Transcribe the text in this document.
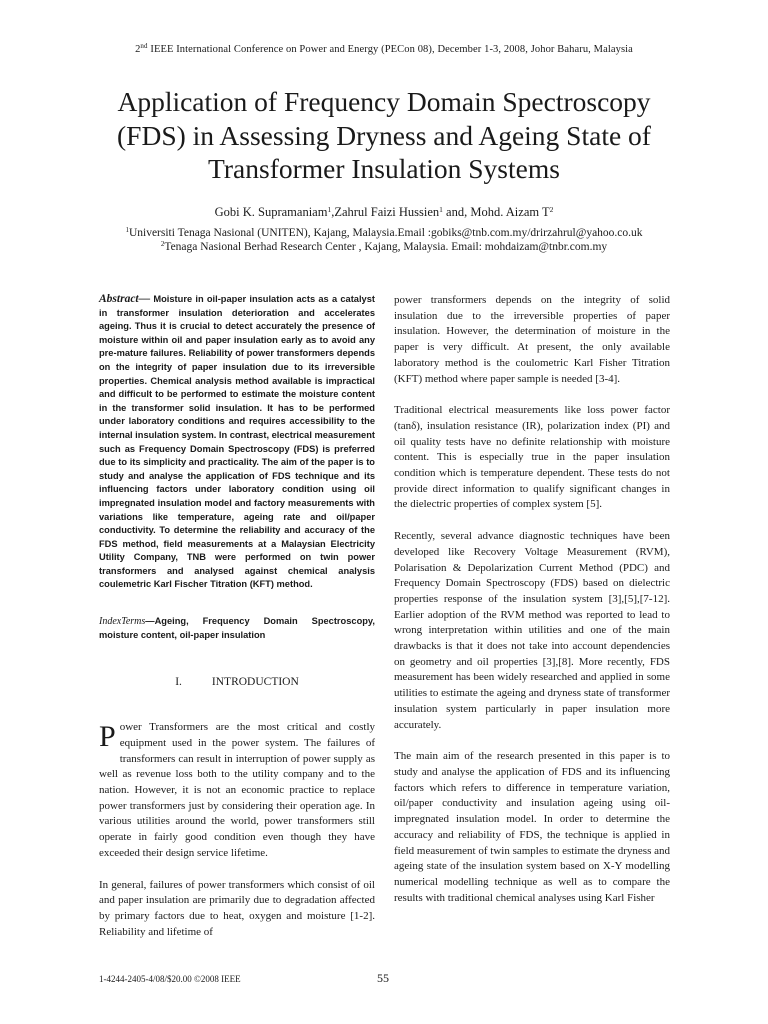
2nd IEEE International Conference on Power and Energy (PECon 08), December 1-3, 2008, Johor Baharu, Malaysia
Application of Frequency Domain Spectroscopy
(FDS) in Assessing Dryness and Ageing State of
Transformer Insulation Systems
Gobi K. Supramaniam$^1$,Zahrul Faizi Hussien$^1$ and, Mohd. Aizam $T^2$
$^1$Universiti Tenaga Nasional (UNITEN), Kajang, Malaysia.Email :gobiks@tnb.com.my/drirzahrul@yahoo.co.uk
$^2$Tenaga Nasional Berhad Research Center , Kajang, Malaysia. Email: mohdaizam@tnbr.com.my

Abstract— Moisture in oil-paper insulation acts as a catalyst in transformer insulation deterioration and accelerates ageing. Thus it is crucial to detect accurately the presence of moisture within oil and paper insulation early as to avoid any pre-mature failures. Reliability of power transformers depends on the integrity of paper insulation due to its irreversible properties. Chemical analysis method available is impractical and difficult to be performed to estimate the moisture content in the transformer solid insulation. It has to be performed under laboratory conditions and requires accessibility to the internal insulation system. In contrast, electrical measurement such as Frequency Domain Spectroscopy (FDS) is preferred due to its simplicity and practicality. The aim of the paper is to study and analyse the application of FDS technique and its influencing factors under laboratory condition using oil impregnated insulation model and factory measurements with variations like temperature, ageing rate and oil/paper conductivity. To determine the reliability and accuracy of the FDS method, field measurements at a Malaysian Electricity Utility Company, TNB were performed on twin power transformers and analysed against chemical analysis coulemetric Karl Fischer Titration (KFT) method.

IndexTerms—Ageing, Frequency Domain Spectroscopy, moisture content, oil-paper insulation

I.	INTRODUCTION

Power Transformers are the most critical and costly equipment used in the power system. The failures of transformers can result in interruption of power supply as well as revenue loss both to the utility company and to the nation. However, it is not an economic practice to replace power transformers just by considering their operation age. In various utilities around the world, power transformers still operate in fairly good condition even though they have exceeded their design service lifetime.

In general, failures of power transformers which consist of oil and paper insulation are primarily due to degradation affected by primary factors due to heat, oxygen and moisture [1-2]. Reliability and lifetime of

power transformers depends on the integrity of solid insulation due to the irreversible properties of paper insulation. However, the determination of moisture in the paper is very difficult. At present, the only available laboratory method is the coulometric Karl Fisher Titration (KFT) method where paper sample is needed [3-4].

Traditional electrical measurements like loss power factor (tanδ), insulation resistance (IR), polarization index (PI) and oil quality tests have no definite relationship with moisture content. This is especially true in the paper insulation condition which is temperature dependent. These tests do not provide direct information to qualify significant changes in the dielectric properties of complex system [5].

Recently, several advance diagnostic techniques have been developed like Recovery Voltage Measurement (RVM), Polarisation & Depolarization Current Method (PDC) and Frequency Domain Spectroscopy (FDS) based on dielectric properties response of the insulation system [3],[5],[7-12]. Earlier adoption of the RVM method was reported to lead to wrong interpretation within utilities and one of the main drawbacks is that it does not take into account dependencies on geometry and oil properties [3],[8]. More recently, FDS measurement has been widely researched and applied in some utilities to estimate the ageing and dryness state of transformer insulation system particularly in paper insulation more accurately.

The main aim of the research presented in this paper is to study and analyse the application of FDS and its influencing factors which refers to difference in temperature variation, oil/paper conductivity and insulation ageing using oil-impregnated insulation model. In order to determine the accuracy and reliability of FDS, the technique is applied in field measurement of twin samples to estimate the dryness and ageing state of the insulation system based on X-Y modelling numerical modelling technique as well as to compare the results with traditional chemical analyses using Karl Fisher

1-4244-2405-4/08/$20.00 ©2008 IEEE	55
